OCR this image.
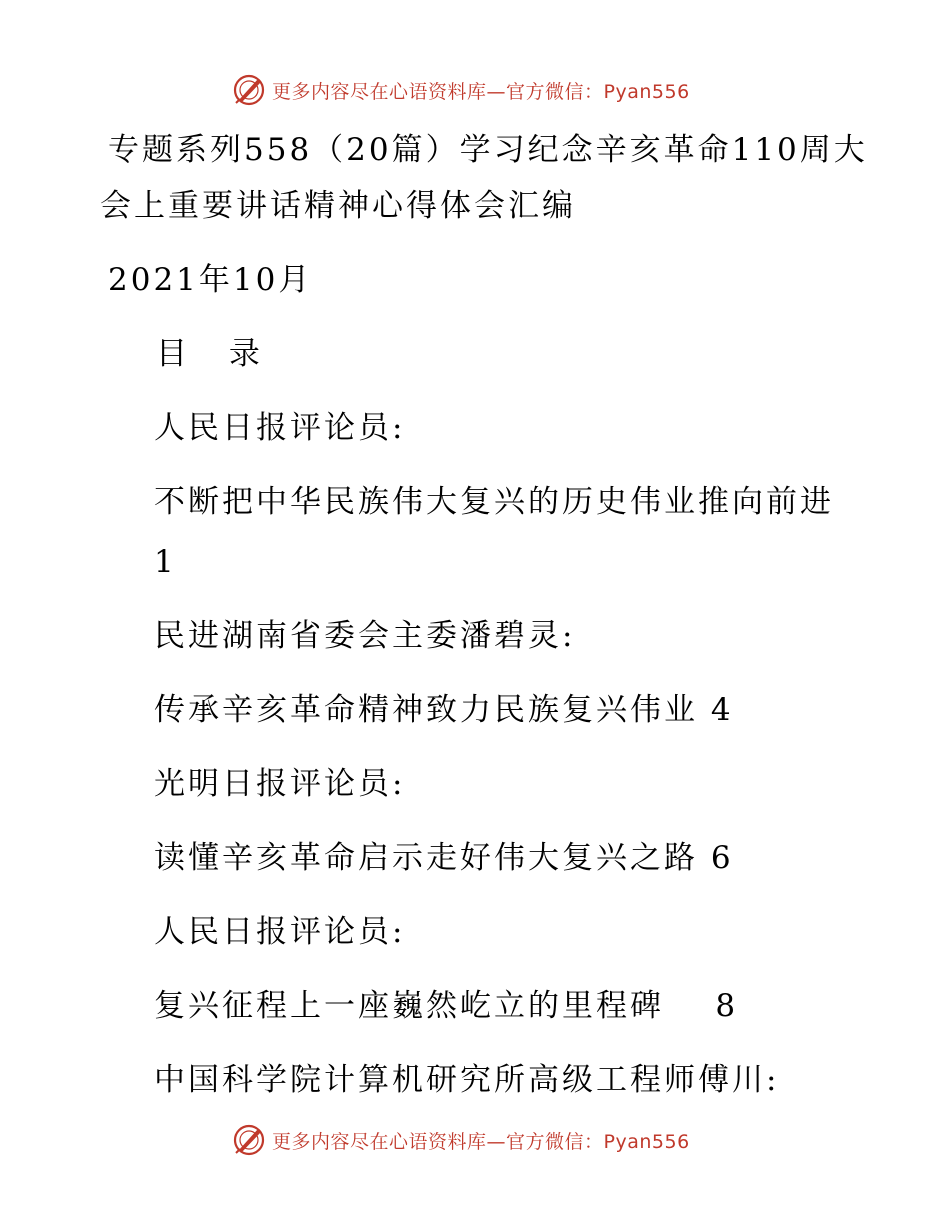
更多内容尽在心语资料库—官方微信：Pyan556
专题系列558（20篇）学习纪念辛亥革命110周大
会上重要讲话精神心得体会汇编
2021年10月
目 录
人民日报评论员:
不断把中华民族伟大复兴的历史伟业推向前进
1
民进湖南省委会主委潘碧灵:
传承辛亥革命精神致力民族复兴伟业 4
光明日报评论员:
读懂辛亥革命启示走好伟大复兴之路 6
人民日报评论员:
复兴征程上一座巍然屹立的里程碑    8
中国科学院计算机研究所高级工程师傅川:
更多内容尽在心语资料库—官方微信：Pyan556
